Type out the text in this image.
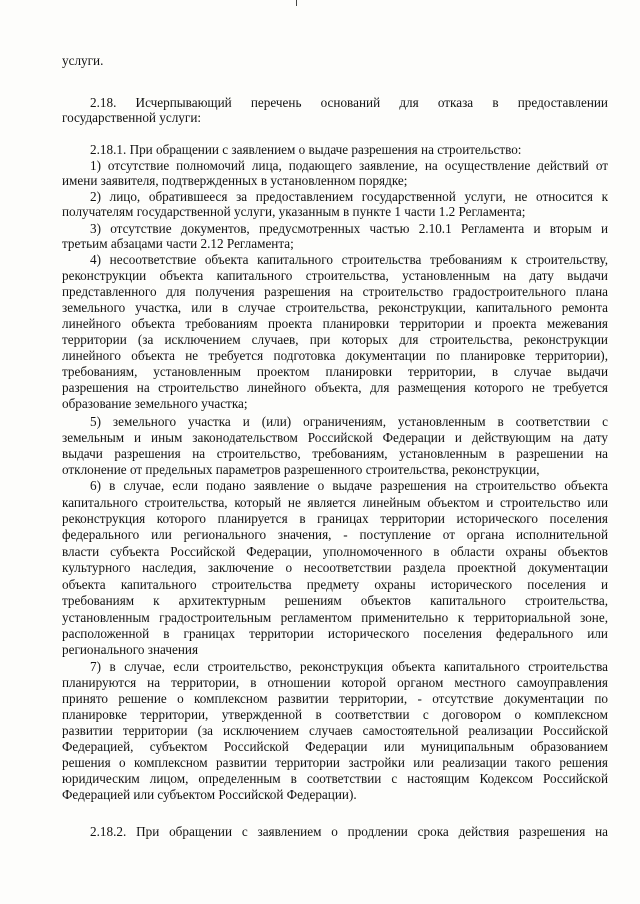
услуги.
2.18. Исчерпывающий перечень оснований для отказа в предоставлении
государственной услуги:
2.18.1. При обращении с заявлением о выдаче разрешения на строительство:
1) отсутствие полномочий лица, подающего заявление, на осуществление действий от
имени заявителя, подтвержденных в установленном порядке;
2) лицо, обратившееся за предоставлением государственной услуги, не относится к
получателям государственной услуги, указанным в пункте 1 части 1.2 Регламента;
3) отсутствие документов, предусмотренных частью 2.10.1 Регламента и вторым и
третьим абзацами части 2.12 Регламента;
4) несоответствие объекта капитального строительства требованиям к строительству,
реконструкции объекта капитального строительства, установленным на дату выдачи
представленного для получения разрешения на строительство градостроительного плана
земельного участка, или в случае строительства, реконструкции, капитального ремонта
линейного объекта требованиям проекта планировки территории и проекта межевания
территории (за исключением случаев, при которых для строительства, реконструкции
линейного объекта не требуется подготовка документации по планировке территории),
требованиям, установленным проектом планировки территории, в случае выдачи
разрешения на строительство линейного объекта, для размещения которого не требуется
образование земельного участка;
5) земельного участка и (или) ограничениям, установленным в соответствии с
земельным и иным законодательством Российской Федерации и действующим на дату
выдачи разрешения на строительство, требованиям, установленным в разрешении на
отклонение от предельных параметров разрешенного строительства, реконструкции,
6) в случае, если подано заявление о выдаче разрешения на строительство объекта
капитального строительства, который не является линейным объектом и строительство или
реконструкция которого планируется в границах территории исторического поселения
федерального или регионального значения, - поступление от органа исполнительной
власти субъекта Российской Федерации, уполномоченного в области охраны объектов
культурного наследия, заключение о несоответствии раздела проектной документации
объекта капитального строительства предмету охраны исторического поселения и
требованиям к архитектурным решениям объектов капитального строительства,
установленным градостроительным регламентом применительно к территориальной зоне,
расположенной в границах территории исторического поселения федерального или
регионального значения
7) в случае, если строительство, реконструкция объекта капитального строительства
планируются на территории, в отношении которой органом местного самоуправления
принято решение о комплексном развитии территории, - отсутствие документации по
планировке территории, утвержденной в соответствии с договором о комплексном
развитии территории (за исключением случаев самостоятельной реализации Российской
Федерацией, субъектом Российской Федерации или муниципальным образованием
решения о комплексном развитии территории застройки или реализации такого решения
юридическим лицом, определенным в соответствии с настоящим Кодексом Российской
Федерацией или субъектом Российской Федерации).
2.18.2. При обращении с заявлением о продлении срока действия разрешения на
